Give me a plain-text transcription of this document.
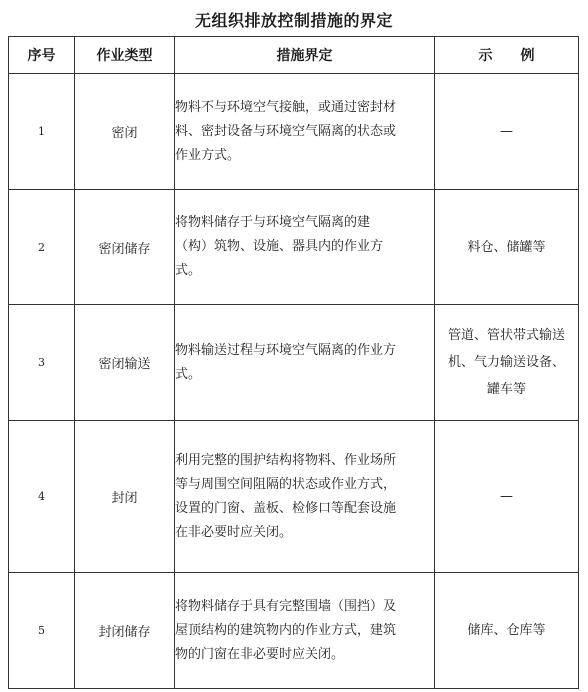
无组织排放控制措施的界定
序号	作业类型	措施界定	示　　例
1	密闭	物料不与环境空气接触，或通过密封材
料、密封设备与环境空气隔离的状态或
作业方式。	—

2	密闭储存	将物料储存于与环境空气隔离的建
（构）筑物、设施、器具内的作业方
式。	料仓、储罐等

3	密闭输送	物料输送过程与环境空气隔离的作业方
式。	管道、管状带式输送
机、气力输送设备、
罐车等

4	封闭	利用完整的围护结构将物料、作业场所
等与周围空间阻隔的状态或作业方式，
设置的门窗、盖板、检修口等配套设施
在非必要时应关闭。	—

5	封闭储存	将物料储存于具有完整围墙（围挡）及
屋顶结构的建筑物内的作业方式，建筑
物的门窗在非必要时应关闭。	储库、仓库等
